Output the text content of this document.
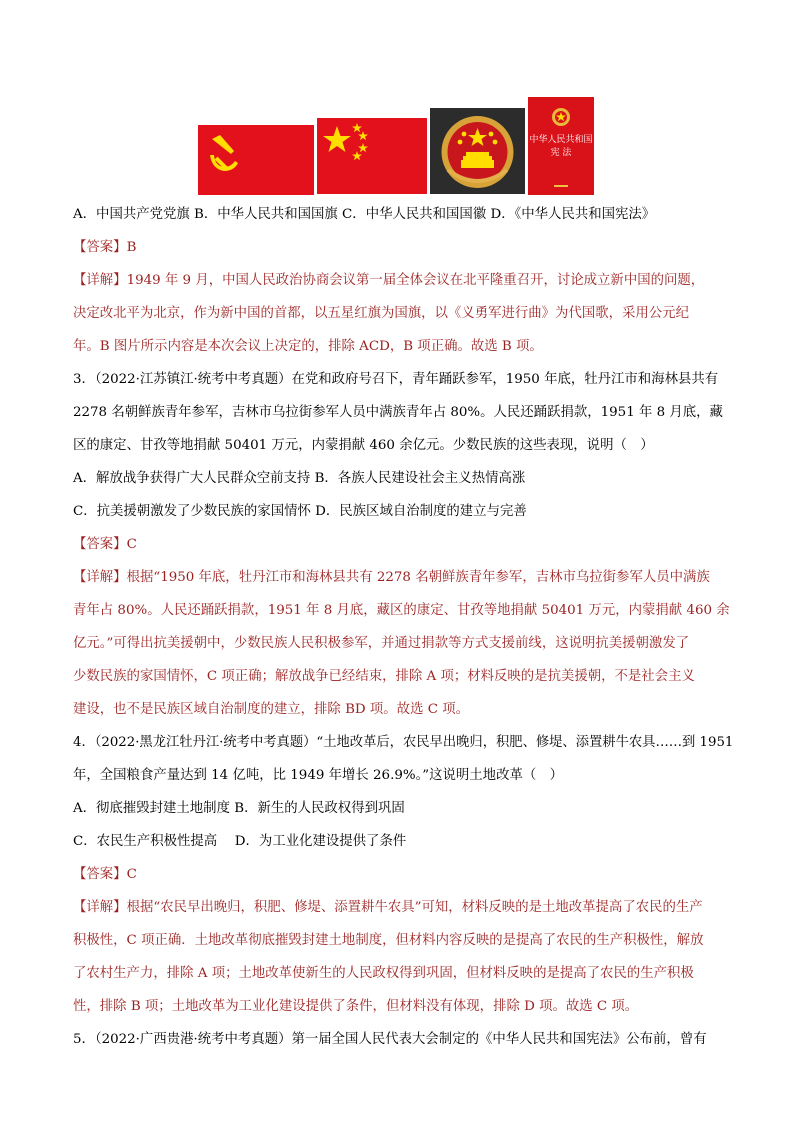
中华人民共和国
宪 法
A．中国共产党党旗 B．中华人民共和国国旗 C．中华人民共和国国徽 D．《中华人民共和国宪法》
【答案】B
【详解】1949 年 9 月，中国人民政治协商会议第一届全体会议在北平隆重召开，讨论成立新中国的问题，
决定改北平为北京，作为新中国的首都，以五星红旗为国旗，以《义勇军进行曲》为代国歌，采用公元纪
年。B 图片所示内容是本次会议上决定的，排除 ACD，B 项正确。故选 B 项。
3．（2022·江苏镇江·统考中考真题）在党和政府号召下，青年踊跃参军，1950 年底，牡丹江市和海林县共有
2278 名朝鲜族青年参军，吉林市乌拉街参军人员中满族青年占 80%。人民还踊跃捐款，1951 年 8 月底，藏
区的康定、甘孜等地捐献 50401 万元，内蒙捐献 460 余亿元。少数民族的这些表现，说明（　）
A．解放战争获得广大人民群众空前支持 B．各族人民建设社会主义热情高涨
C．抗美援朝激发了少数民族的家国情怀 D．民族区域自治制度的建立与完善
【答案】C
【详解】根据“1950 年底，牡丹江市和海林县共有 2278 名朝鲜族青年参军，吉林市乌拉街参军人员中满族
青年占 80%。人民还踊跃捐款，1951 年 8 月底，藏区的康定、甘孜等地捐献 50401 万元，内蒙捐献 460 余
亿元。”可得出抗美援朝中，少数民族人民积极参军，并通过捐款等方式支援前线，这说明抗美援朝激发了
少数民族的家国情怀，C 项正确；解放战争已经结束，排除 A 项；材料反映的是抗美援朝，不是社会主义
建设，也不是民族区域自治制度的建立，排除 BD 项。故选 C 项。
4．（2022·黑龙江牡丹江·统考中考真题）“土地改革后，农民早出晚归，积肥、修堤、添置耕牛农具……到 1951
年，全国粮食产量达到 14 亿吨，比 1949 年增长 26.9%。”这说明土地改革（　）
A．彻底摧毁封建土地制度 B．新生的人民政权得到巩固
C．农民生产积极性提高　 D．为工业化建设提供了条件
【答案】C
【详解】根据“农民早出晚归，积肥、修堤、添置耕牛农具”可知，材料反映的是土地改革提高了农民的生产
积极性，C 项正确．土地改革彻底摧毁封建土地制度，但材料内容反映的是提高了农民的生产积极性，解放
了农村生产力，排除 A 项；土地改革使新生的人民政权得到巩固，但材料反映的是提高了农民的生产积极
性，排除 B 项；土地改革为工业化建设提供了条件，但材料没有体现，排除 D 项。故选 C 项。
5．（2022·广西贵港·统考中考真题）第一届全国人民代表大会制定的《中华人民共和国宪法》公布前，曾有
